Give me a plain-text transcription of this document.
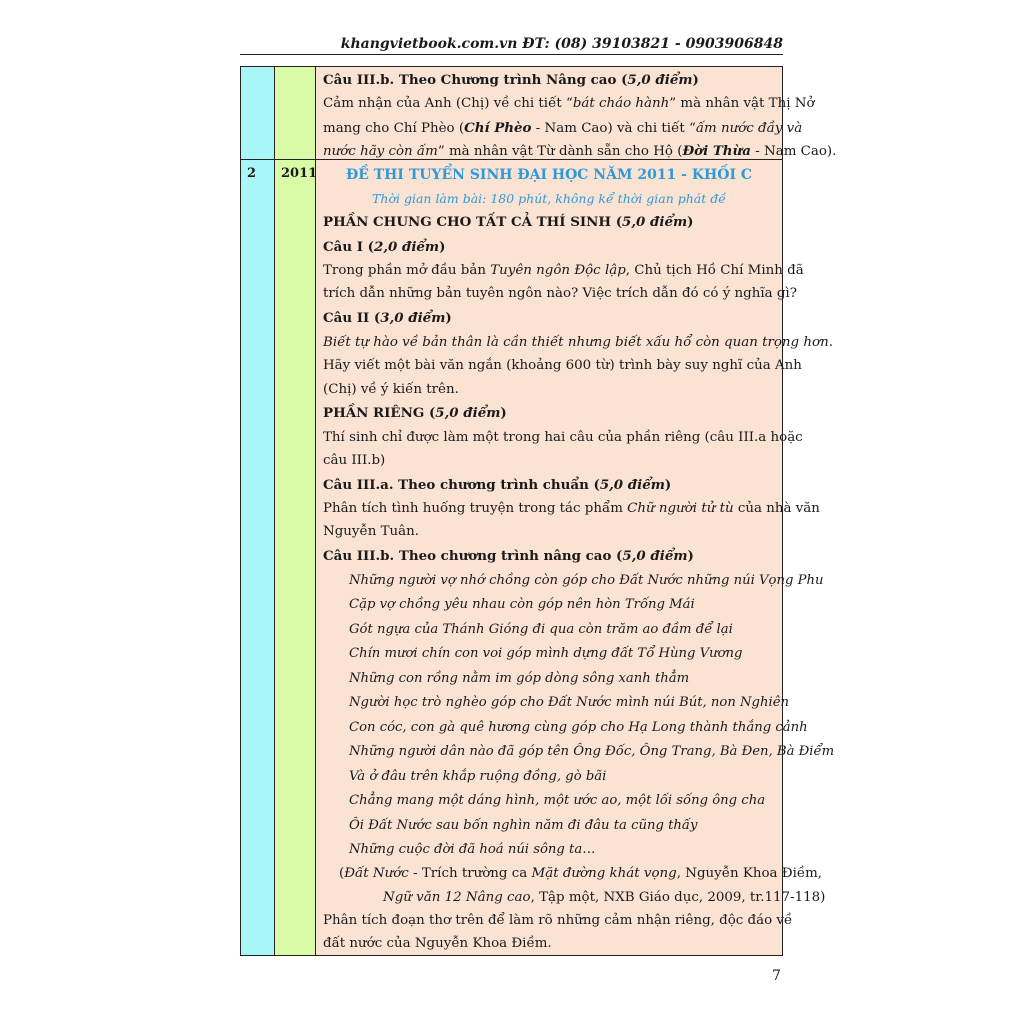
khangvietbook.com.vn ĐT: (08) 39103821 - 0903906848
2 2011
Câu III.b. Theo Chương trình Nâng cao (5,0 điểm)
Cảm nhận của Anh (Chị) về chi tiết “bát cháo hành” mà nhân vật Thị Nở
mang cho Chí Phèo (Chí Phèo - Nam Cao) và chi tiết “ấm nước đầy và
nước hãy còn ấm” mà nhân vật Từ dành sẵn cho Hộ (Đời Thừa - Nam Cao).
ĐỀ THI TUYỂN SINH ĐẠI HỌC NĂM 2011 - KHỐI C
Thời gian làm bài: 180 phút, không kể thời gian phát đề
PHẦN CHUNG CHO TẤT CẢ THÍ SINH (5,0 điểm)
Câu I (2,0 điểm)
Trong phần mở đầu bản Tuyên ngôn Độc lập, Chủ tịch Hồ Chí Minh đã
trích dẫn những bản tuyên ngôn nào? Việc trích dẫn đó có ý nghĩa gì?
Câu II (3,0 điểm)
Biết tự hào về bản thân là cần thiết nhưng biết xấu hổ còn quan trọng hơn.
Hãy viết một bài văn ngắn (khoảng 600 từ) trình bày suy nghĩ của Anh
(Chị) về ý kiến trên.
PHẦN RIÊNG (5,0 điểm)
Thí sinh chỉ được làm một trong hai câu của phần riêng (câu III.a hoặc
câu III.b)
Câu III.a. Theo chương trình chuẩn (5,0 điểm)
Phân tích tình huống truyện trong tác phẩm Chữ người tử tù của nhà văn
Nguyễn Tuân.
Câu III.b. Theo chương trình nâng cao (5,0 điểm)
Những người vợ nhớ chồng còn góp cho Đất Nước những núi Vọng Phu
Cặp vợ chồng yêu nhau còn góp nên hòn Trống Mái
Gót ngựa của Thánh Gióng đi qua còn trăm ao đầm để lại
Chín mươi chín con voi góp mình dựng đất Tổ Hùng Vương
Những con rồng nằm im góp dòng sông xanh thẳm
Người học trò nghèo góp cho Đất Nước mình núi Bút, non Nghiên
Con cóc, con gà quê hương cùng góp cho Hạ Long thành thắng cảnh
Những người dân nào đã góp tên Ông Đốc, Ông Trang, Bà Đen, Bà Điểm
Và ở đâu trên khắp ruộng đồng, gò bãi
Chẳng mang một dáng hình, một ước ao, một lối sống ông cha
Ôi Đất Nước sau bốn nghìn năm đi đâu ta cũng thấy
Những cuộc đời đã hoá núi sông ta…
(Đất Nước - Trích trường ca Mặt đường khát vọng, Nguyễn Khoa Điềm,
Ngữ văn 12 Nâng cao, Tập một, NXB Giáo dục, 2009, tr.117-118)
Phân tích đoạn thơ trên để làm rõ những cảm nhận riêng, độc đáo về
đất nước của Nguyễn Khoa Điềm.
7
